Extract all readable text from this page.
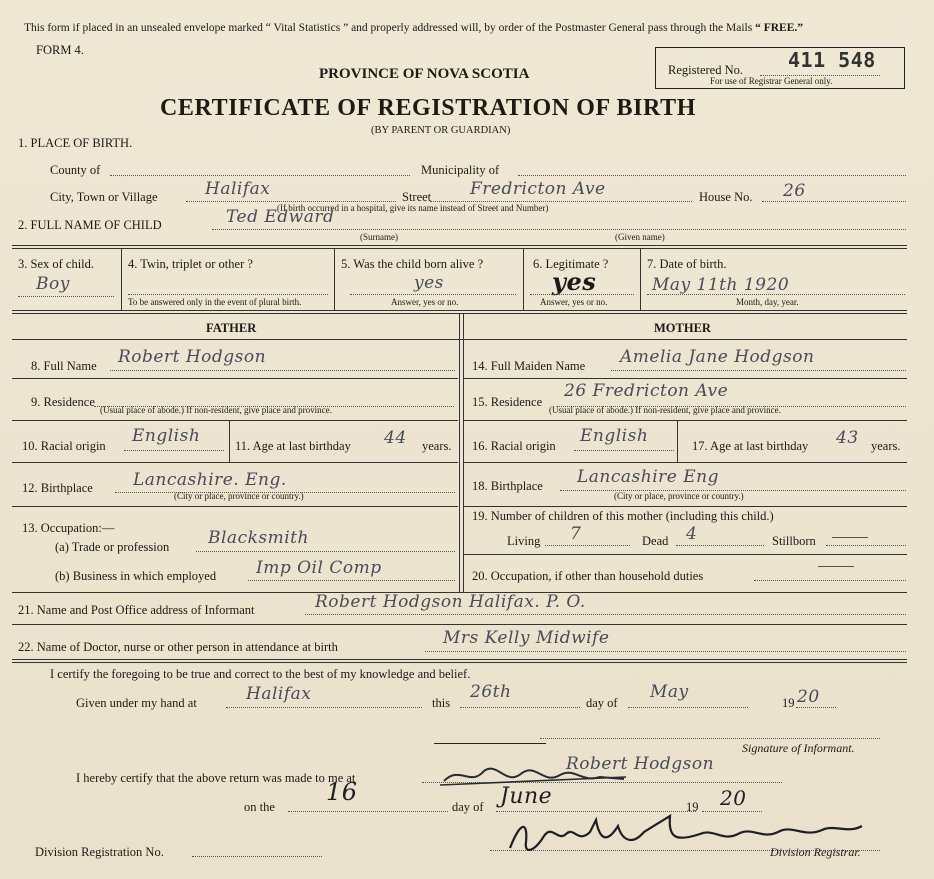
This form if placed in an unsealed envelope marked “ Vital Statistics ” and properly addressed will, by order of the Postmaster General pass through the Mails “ FREE.”
FORM 4.
PROVINCE OF NOVA SCOTIA
CERTIFICATE OF REGISTRATION OF BIRTH
(BY PARENT OR GUARDIAN)
Registered No. 411 548
For use of Registrar General only.
1. PLACE OF BIRTH.
County of	Municipality of
City, Town or Village	Halifax	Street Fredricton Ave	House No. 26
(If birth occurred in a hospital, give its name instead of Street and Number)
2. FULL NAME OF CHILD	Ted Edward
(Surname)	(Given name)
3. Sex of child.
Boy
4. Twin, triplet or other ?
To be answered only in the event of plural birth.
5. Was the child born alive ?
yes
Answer, yes or no.
6. Legitimate ?
yes
Answer, yes or no.
7. Date of birth.
May 11th 1920
Month, day, year.
FATHER	MOTHER
8. Full Name Robert Hodgson
9. Residence
(Usual place of abode.) If non-resident, give place and province.
10. Racial origin English	11. Age at last birthday 44 years.
12. Birthplace Lancashire. Eng.
(City or place, province or country.)
13. Occupation:—
(a) Trade or profession Blacksmith
(b) Business in which employed Imp Oil Comp
14. Full Maiden Name Amelia Jane Hodgson
15. Residence
26 Fredricton Ave
(Usual place of abode.) If non-resident, give place and province.
16. Racial origin English	17. Age at last birthday 43 years.
18. Birthplace Lancashire Eng
(City or place, province or country.)
19. Number of children of this mother (including this child.)
Living 7	Dead 4	Stillborn
20. Occupation, if other than household duties
21. Name and Post Office address of Informant	Robert Hodgson Halifax. P. O.
22. Name of Doctor, nurse or other person in attendance at birth	Mrs Kelly Midwife
I certify the foregoing to be true and correct to the best of my knowledge and belief.
Given under my hand at	Halifax	this
26th
day of
May
19 20
Signature of Informant.
I hereby certify that the above return was made to me at
Robert Hodgson
on the
16
day of June	19 20
Division Registration No.	Division Registrar.
